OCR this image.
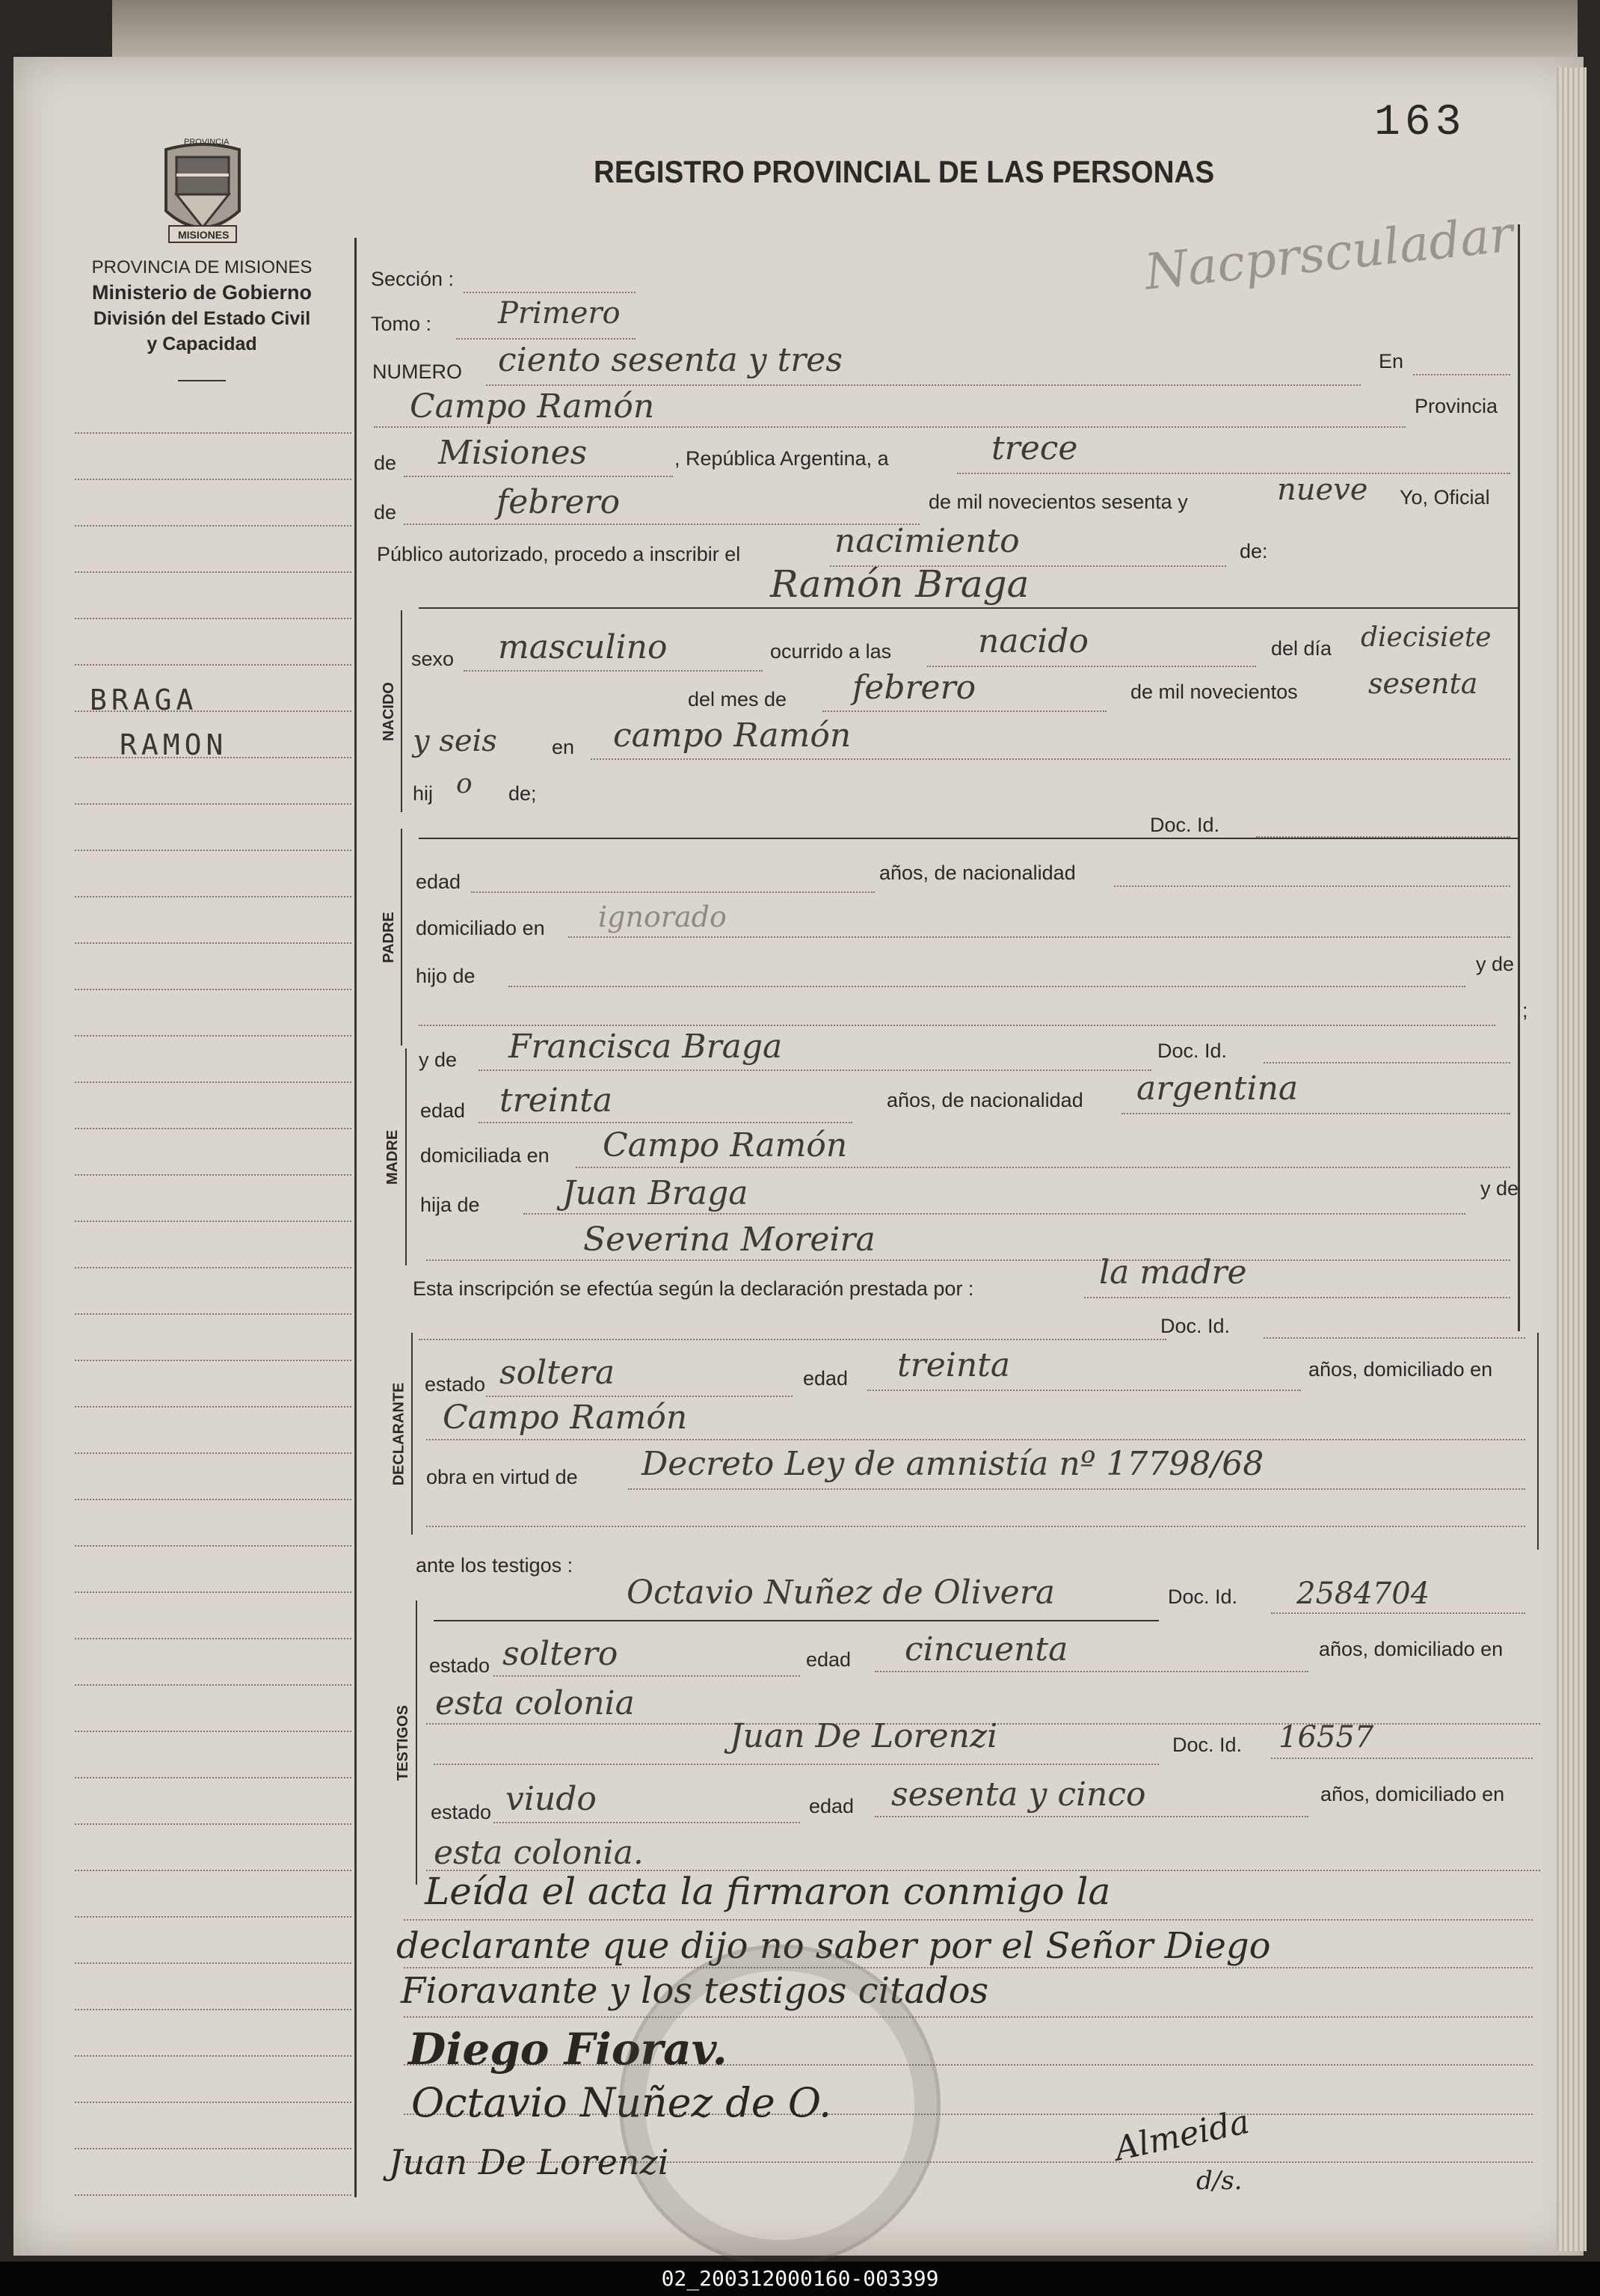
163
REGISTRO PROVINCIAL DE LAS PERSONAS
Nacprsculadar
PROVINCIA
MISIONES
PROVINCIA DE MISIONES
Ministerio de Gobierno
División del Estado Civil
y Capacidad
BRAGA
RAMON
Sección :
Tomo : Primero
NUMERO ciento sesenta y tres	En
Campo Ramón	Provincia
de Misiones	, República Argentina, a	trece
de	febrero	de mil novecientos sesenta y	nueve Yo, Oficial
Público autorizado, procedo a inscribir el	nacimiento	de:
Ramón Braga
NACIDO
sexo masculino	ocurrido a las	nacido	del día diecisiete
del mes de febrero	de mil novecientos sesenta
y seis	en campo Ramón
hij o de;
Doc. Id.
PADRE
edad	años, de nacionalidad
domiciliado en ignorado
hijo de
y de
;
MADRE
y de Francisca Braga	Doc. Id.
edad treinta	años, de nacionalidad argentina
domiciliada en Campo Ramón
hija de	Juan Braga	y de
Severina Moreira
Esta inscripción se efectúa según la declaración prestada por :	la madre
Doc. Id.
DECLARANTE estado soltera	edad treinta	años, domiciliado en
Campo Ramón
obra en virtud de Decreto Ley de amnistía nº 17798/68
ante los testigos :
Octavio Nuñez de Olivera	Doc. Id. 2584704
TESTIGOS
estado soltero	edad cincuenta	años, domiciliado en
esta colonia
Juan De Lorenzi	Doc. Id. 16557
estado viudo	edad sesenta y cinco	años, domiciliado en
esta colonia.
Leída el acta la firmaron conmigo la
declarante que dijo no saber por el Señor Diego
Fioravante y los testigos citados
Diego Fiorav.
Octavio Nuñez de O.
Juan De Lorenzi	Almeida
d/s.
02_200312000160-003399
